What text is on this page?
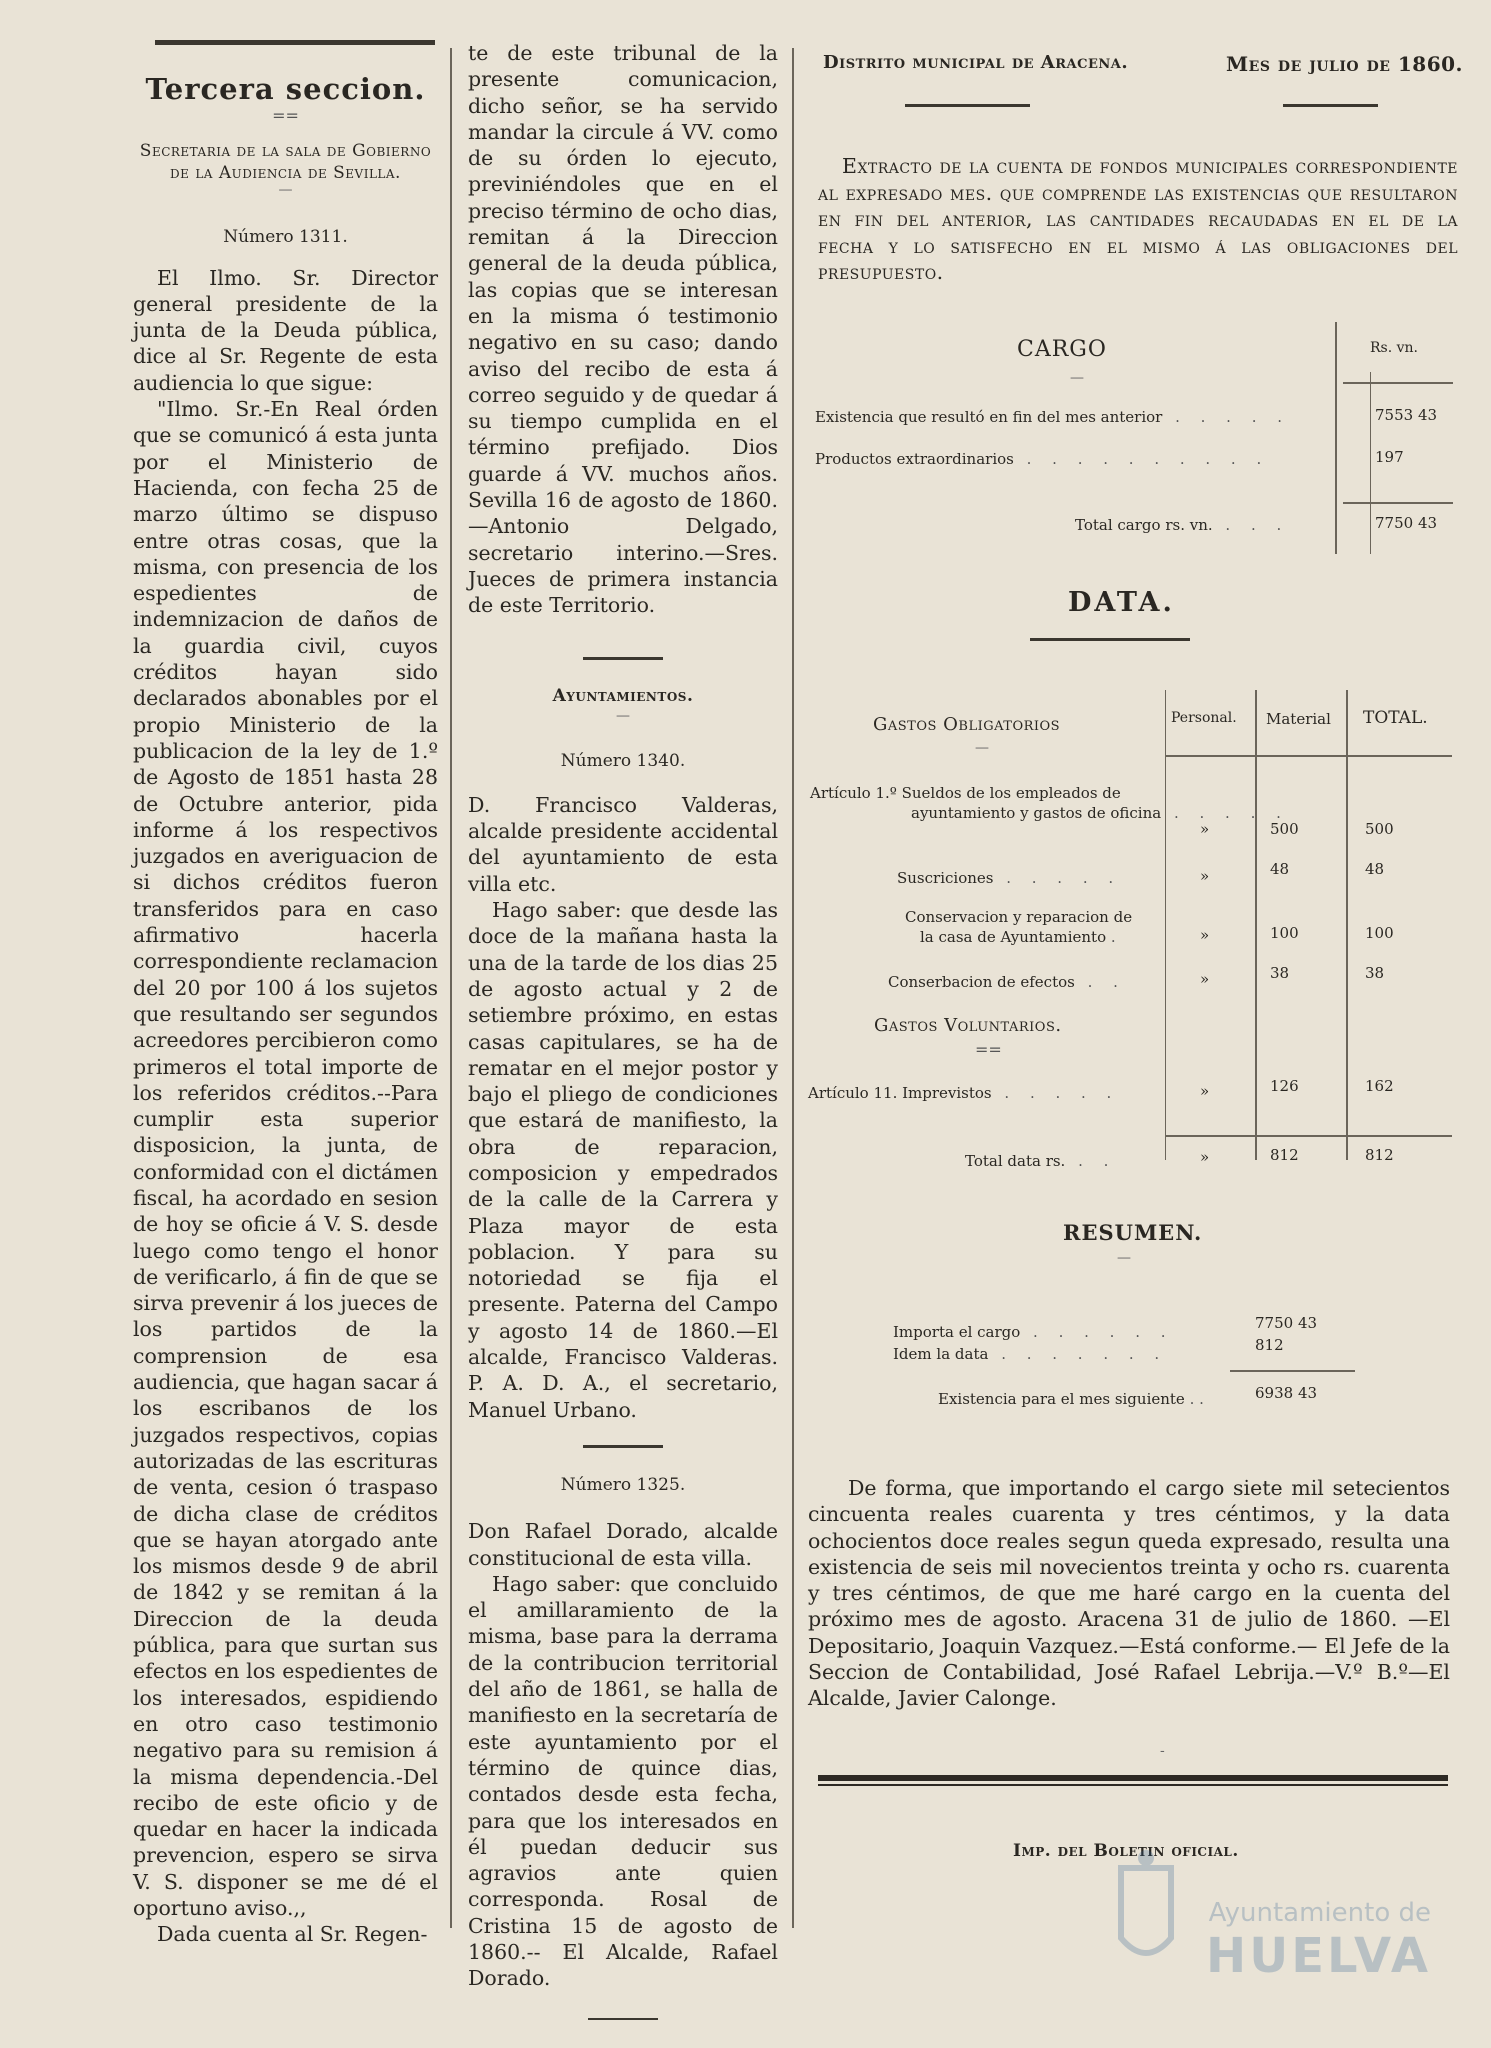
Tercera seccion.
==

Secretaria de la sala de Gobierno de la Audiencia de Sevilla.

—
Número 1311.

El Ilmo. Sr. Director general presidente de la junta de la Deuda pública, dice al Sr. Regente de esta audiencia lo que sigue:

"Ilmo. Sr.-En Real órden que se comunicó á esta junta por el Ministerio de Hacienda, con fecha 25 de marzo último se dispuso entre otras cosas, que la misma, con presencia de los espedientes de indemnizacion de daños de la guardia civil, cuyos créditos hayan sido declarados abonables por el propio Ministerio de la publicacion de la ley de 1.º de Agosto de 1851 hasta 28 de Octubre anterior, pida informe á los respectivos juzgados en averiguacion de si dichos créditos fueron transferidos para en caso afirmativo hacerla correspondiente reclamacion del 20 por 100 á los sujetos que resultando ser segundos acreedores percibieron como primeros el total importe de los referidos créditos.--Para cumplir esta superior disposicion, la junta, de conformidad con el dictámen fiscal, ha acordado en sesion de hoy se oficie á V. S. desde luego como tengo el honor de verificarlo, á fin de que se sirva prevenir á los jueces de los partidos de la comprension de esa audiencia, que hagan sacar á los escribanos de los juzgados respectivos, copias autorizadas de las escrituras de venta, cesion ó traspaso de dicha clase de créditos que se hayan atorgado ante los mismos desde 9 de abril de 1842 y se remitan á la Direccion de la deuda pública, para que surtan sus efectos en los espedientes de los interesados, espidiendo en otro caso testimonio negativo para su remision á la misma dependencia.-Del recibo de este oficio y de quedar en hacer la indicada prevencion, espero se sirva V. S. disponer se me dé el oportuno aviso.,,

Dada cuenta al Sr. Regen-

te de este tribunal de la presente comunicacion, dicho señor, se ha servido mandar la circule á VV. como de su órden lo ejecuto, previniéndoles que en el preciso término de ocho dias, remitan á la Direccion general de la deuda pública, las copias que se interesan en la misma ó testimonio negativo en su caso; dando aviso del recibo de esta á correo seguido y de quedar á su tiempo cumplida en el término prefijado. Dios guarde á VV. muchos años. Sevilla 16 de agosto de 1860. —Antonio Delgado, secretario interino.—Sres. Jueces de primera instancia de este Territorio.

Ayuntamientos.
—
Número 1340.

D. Francisco Valderas, alcalde presidente accidental del ayuntamiento de esta villa etc.

Hago saber: que desde las doce de la mañana hasta la una de la tarde de los dias 25 de agosto actual y 2 de setiembre próximo, en estas casas capitulares, se ha de rematar en el mejor postor y bajo el pliego de condiciones que estará de manifiesto, la obra de reparacion, composicion y empedrados de la calle de la Carrera y Plaza mayor de esta poblacion. Y para su notoriedad se fija el presente. Paterna del Campo y agosto 14 de 1860.—El alcalde, Francisco Valderas. P. A. D. A., el secretario, Manuel Urbano.

Número 1325.

Don Rafael Dorado, alcalde constitucional de esta villa.

Hago saber: que concluido el amillaramiento de la misma, base para la derrama de la contribucion territorial del año de 1861, se halla de manifiesto en la secretaría de este ayuntamiento por el término de quince dias, contados desde esta fecha, para que los interesados en él puedan deducir sus agravios ante quien corresponda. Rosal de Cristina 15 de agosto de 1860.-- El Alcalde, Rafael Dorado.

Distrito municipal de Aracena.	Mes de julio de 1860.

Extracto de la cuenta de fondos municipales correspondiente al expresado mes. que comprende las existencias que resultaron en fin del anterior, las cantidades recaudadas en el de la fecha y lo satisfecho en el mismo á las obligaciones del presupuesto.

CARGO
—
Rs. vn.
Existencia que resultó en fin del mes anterior . . . . .	7553 43
Productos extraordinarios . . . . . . . . . .	197
Total cargo rs. vn. . . .	7750 43
DATA.
Gastos Obligatorios
—
Personal. Material TOTAL.
Artículo 1.º Sueldos de los empleados de
ayuntamiento y gastos de oficina . . . . .
»	500	500
Suscriciones . . . . .	»	48	48
Conservacion y reparacion de
la casa de Ayuntamiento .	»	100	100
Conserbacion de efectos . .	»	38	38
Gastos Voluntarios.
==
Artículo 11. Imprevistos . . . . .	»	126	162
Total data rs. . .	»	812	812
RESUMEN.
—
Importa el cargo . . . . . .	7750 43
Idem la data . . . . . . .	812
Existencia para el mes siguiente . .	6938 43

De forma, que importando el cargo siete mil setecientos cincuenta reales cuarenta y tres céntimos, y la data ochocientos doce reales segun queda expresado, resulta una existencia de seis mil novecientos treinta y ocho rs. cuarenta y tres céntimos, de que me haré cargo en la cuenta del próximo mes de agosto. Aracena 31 de julio de 1860. —El Depositario, Joaquin Vazquez.—Está conforme.— El Jefe de la Seccion de Contabilidad, José Rafael Lebrija.—V.º B.º—El Alcalde, Javier Calonge.

-
Imp. del Boletin oficial.
Ayuntamiento de
HUELVA
